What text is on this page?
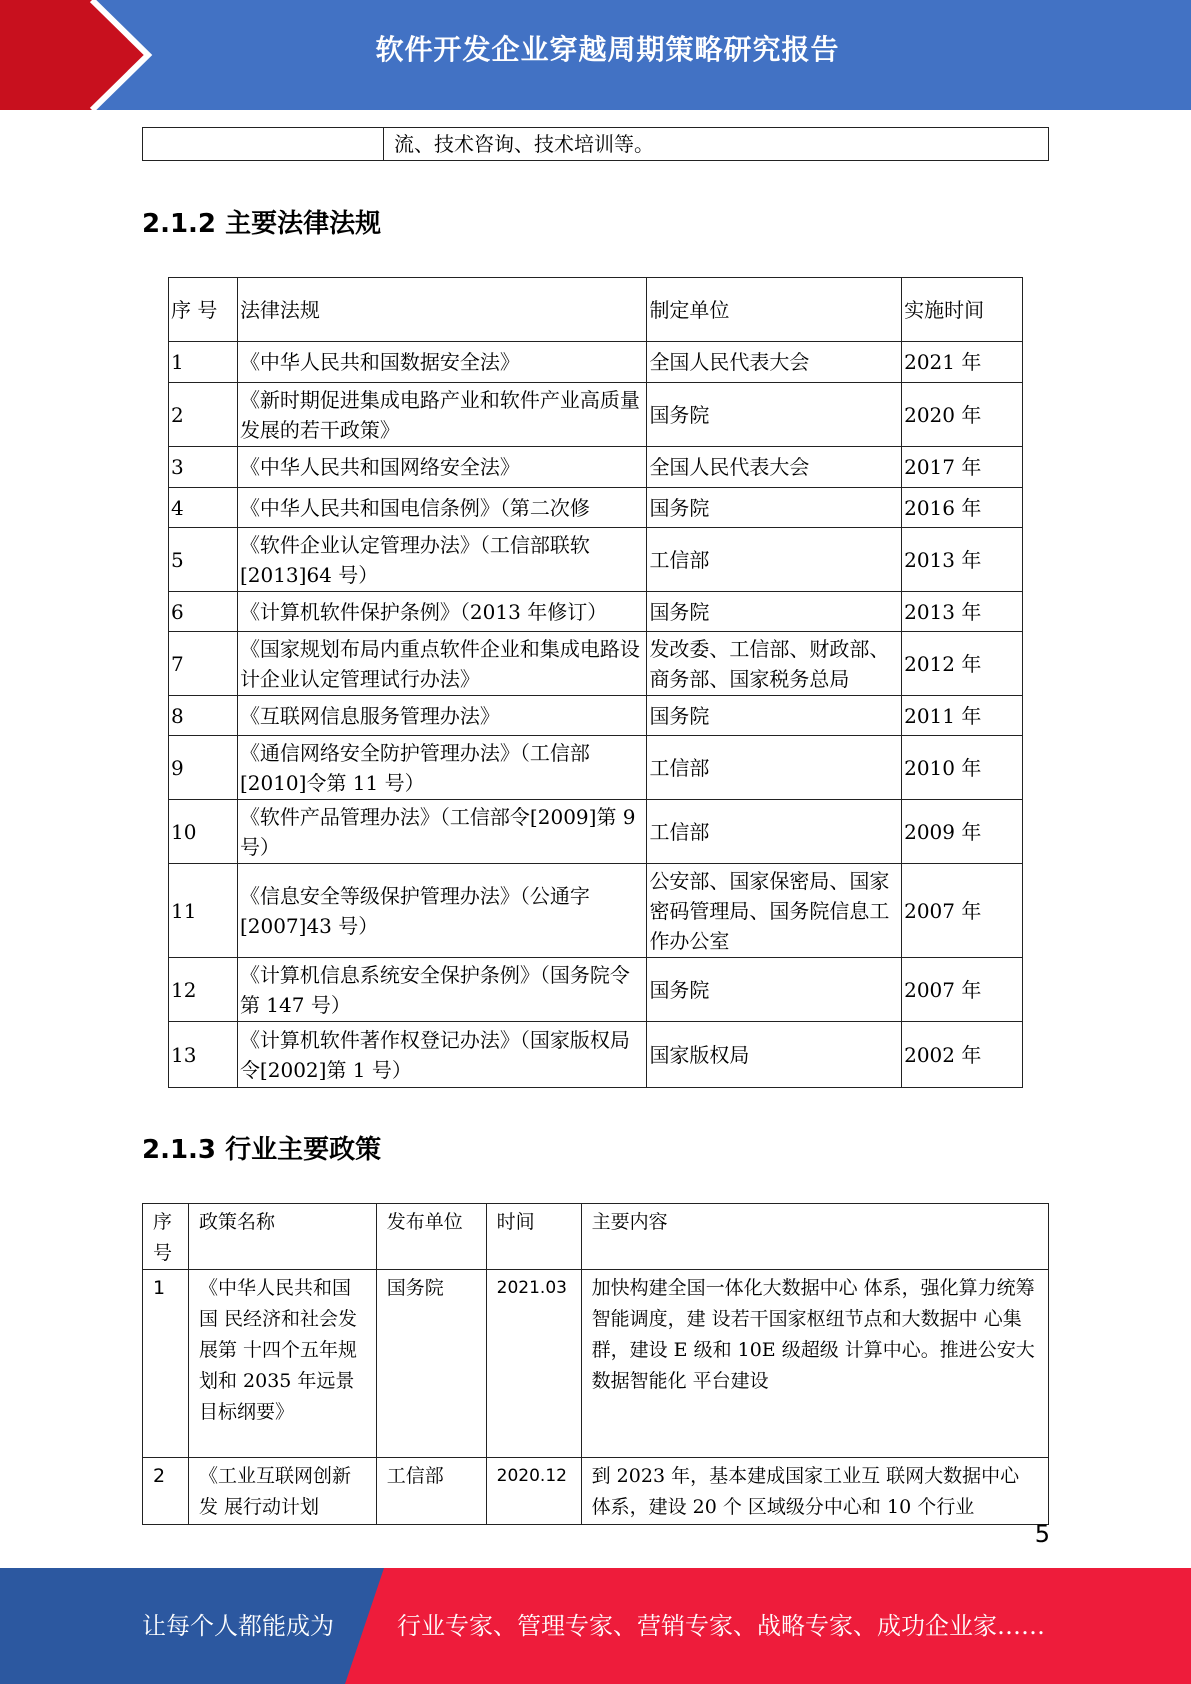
软件开发企业穿越周期策略研究报告
	流、技术咨询、技术培训等。
2.1.2 主要法律法规
序 号	法律法规	制定单位	实施时间
1	《中华人民共和国数据安全法》	全国人民代表大会	2021 年
2	《新时期促进集成电路产业和软件产业高质量发展的若干政策》	国务院	2020 年
3	《中华人民共和国网络安全法》	全国人民代表大会	2017 年
4	《中华人民共和国电信条例》（第二次修	国务院	2016 年
5	《软件企业认定管理办法》（工信部联软[2013]64 号）	工信部	2013 年
6	《计算机软件保护条例》（2013 年修订）	国务院	2013 年
7	《国家规划布局内重点软件企业和集成电路设计企业认定管理试行办法》	发改委、工信部、财政部、商务部、国家税务总局	2012 年
8	《互联网信息服务管理办法》	国务院	2011 年
9	《通信网络安全防护管理办法》（工信部[2010]令第 11 号）	工信部	2010 年
10	《软件产品管理办法》（工信部令[2009]第 9 号）	工信部	2009 年
11	《信息安全等级保护管理办法》（公通字[2007]43 号）	公安部、国家保密局、国家密码管理局、国务院信息工作办公室	2007 年
12	《计算机信息系统安全保护条例》（国务院令第 147 号）	国务院	2007 年
13	《计算机软件著作权登记办法》（国家版权局令[2002]第 1 号）	国家版权局	2002 年
2.1.3 行业主要政策
序号	政策名称	发布单位	时间	主要内容
1	《中华人民共和国国 民经济和社会发展第 十四个五年规划和 2035 年远景目标纲要》	国务院	2021.03	加快构建全国一体化大数据中心 体系，强化算力统筹智能调度，建 设若干国家枢纽节点和大数据中 心集群，建设 E 级和 10E 级超级 计算中心。推进公安大数据智能化 平台建设
2	《工业互联网创新发 展行动计划	工信部	2020.12	到 2023 年，基本建成国家工业互 联网大数据中心体系，建设 20 个 区域级分中心和 10 个行业
5
让每个人都能成为	行业专家、管理专家、营销专家、战略专家、成功企业家……
